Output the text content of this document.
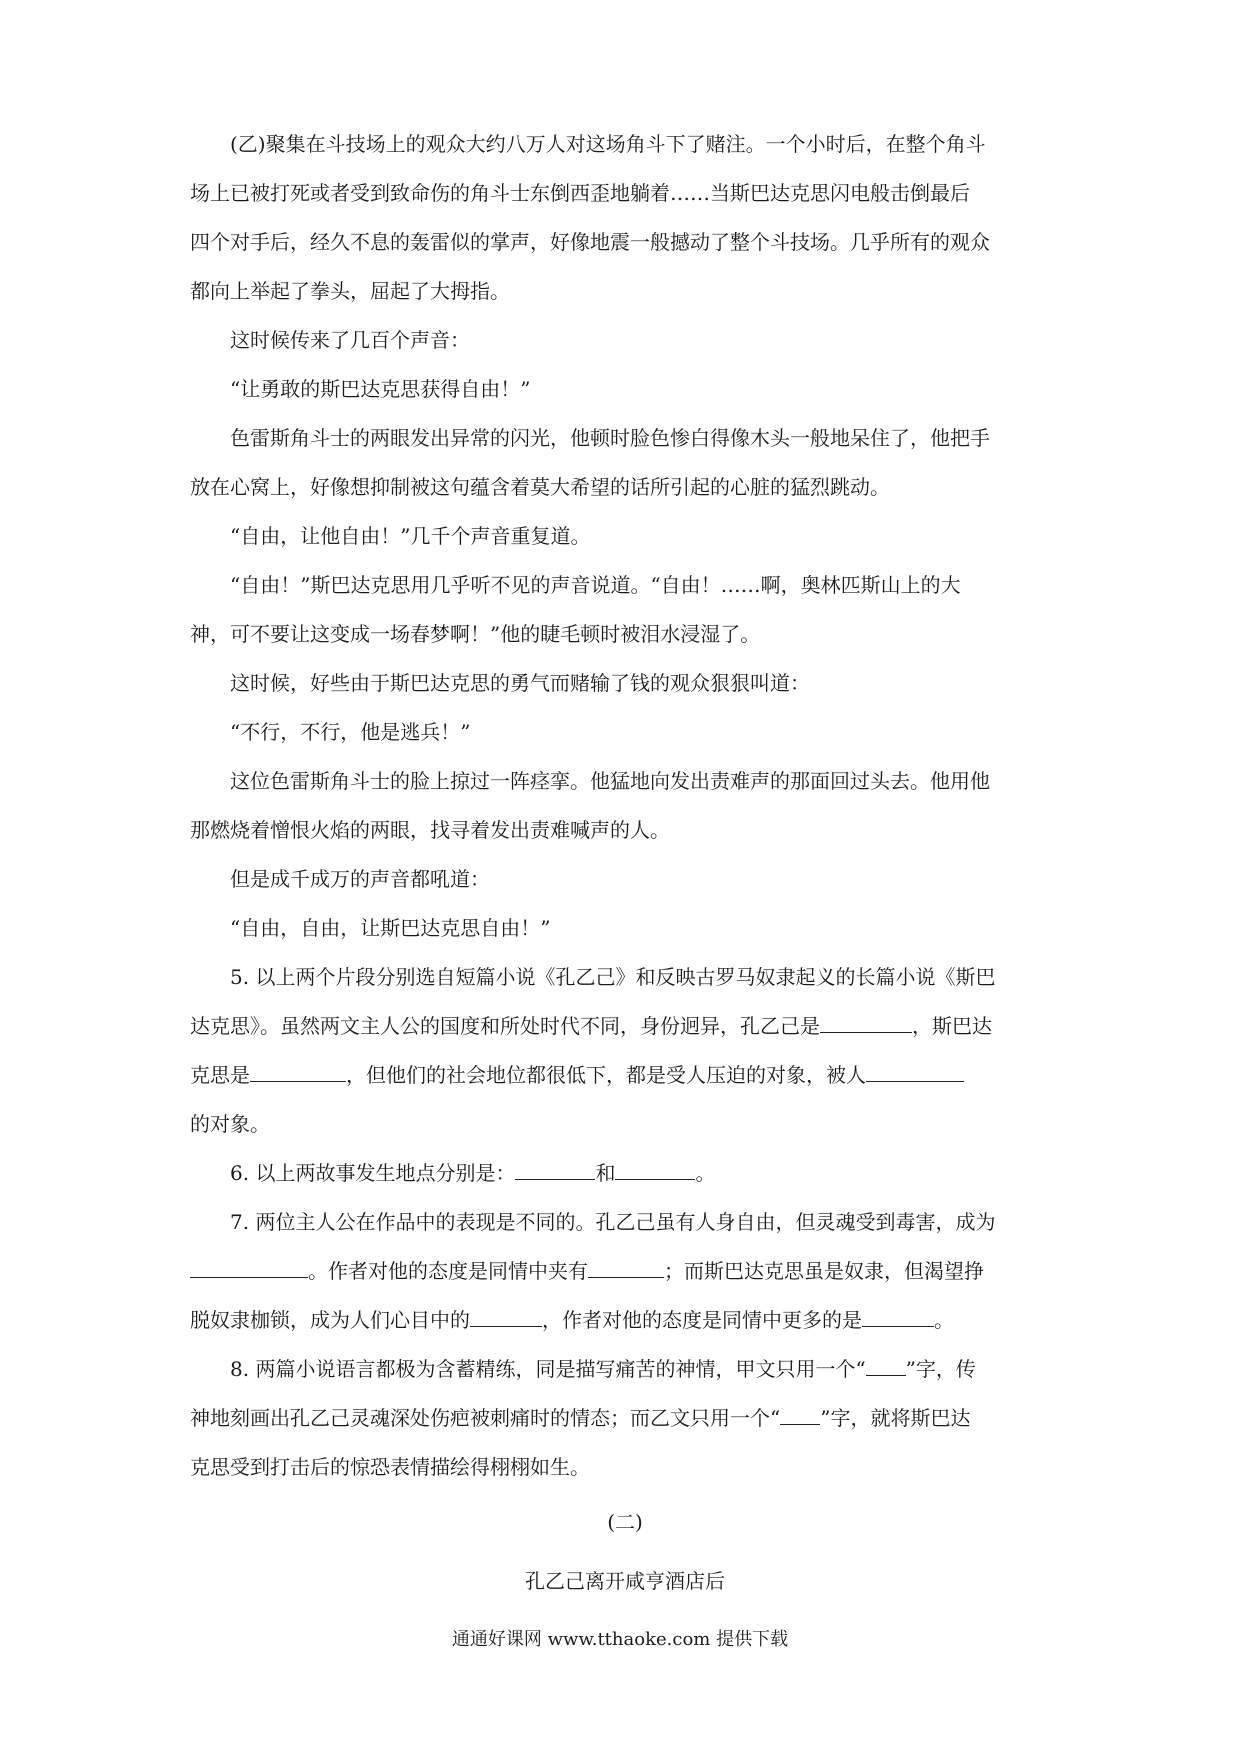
(乙)聚集在斗技场上的观众大约八万人对这场角斗下了赌注。一个小时后，在整个角斗
场上已被打死或者受到致命伤的角斗士东倒西歪地躺着……当斯巴达克思闪电般击倒最后
四个对手后，经久不息的轰雷似的掌声，好像地震一般撼动了整个斗技场。几乎所有的观众
都向上举起了拳头，屈起了大拇指。

这时候传来了几百个声音：

“让勇敢的斯巴达克思获得自由！”

色雷斯角斗士的两眼发出异常的闪光，他顿时脸色惨白得像木头一般地呆住了，他把手
放在心窝上，好像想抑制被这句蕴含着莫大希望的话所引起的心脏的猛烈跳动。

“自由，让他自由！”几千个声音重复道。

“自由！”斯巴达克思用几乎听不见的声音说道。“自由！……啊，奥林匹斯山上的大
神，可不要让这变成一场春梦啊！”他的睫毛顿时被泪水浸湿了。

这时候，好些由于斯巴达克思的勇气而赌输了钱的观众狠狠叫道：

“不行，不行，他是逃兵！”

这位色雷斯角斗士的脸上掠过一阵痉挛。他猛地向发出责难声的那面回过头去。他用他
那燃烧着憎恨火焰的两眼，找寻着发出责难喊声的人。

但是成千成万的声音都吼道：

“自由，自由，让斯巴达克思自由！”

5. 以上两个片段分别选自短篇小说《孔乙己》和反映古罗马奴隶起义的长篇小说《斯巴
达克思》。虽然两文主人公的国度和所处时代不同，身份迥异，孔乙己是	，斯巴达
克思是	，但他们的社会地位都很低下，都是受人压迫的对象，被人
的对象。

6. 以上两故事发生地点分别是：	和	。

7. 两位主人公在作品中的表现是不同的。孔乙己虽有人身自由，但灵魂受到毒害，成为
。作者对他的态度是同情中夹有	；而斯巴达克思虽是奴隶，但渴望挣
脱奴隶枷锁，成为人们心目中的	，作者对他的态度是同情中更多的是	。

8. 两篇小说语言都极为含蓄精练，同是描写痛苦的神情，甲文只用一个“ ”字，传
神地刻画出孔乙己灵魂深处伤疤被刺痛时的情态；而乙文只用一个“ ”字，就将斯巴达
克思受到打击后的惊恐表情描绘得栩栩如生。

(二)

孔乙己离开咸亨酒店后

通通好课网 www.tthaoke.com 提供下载
